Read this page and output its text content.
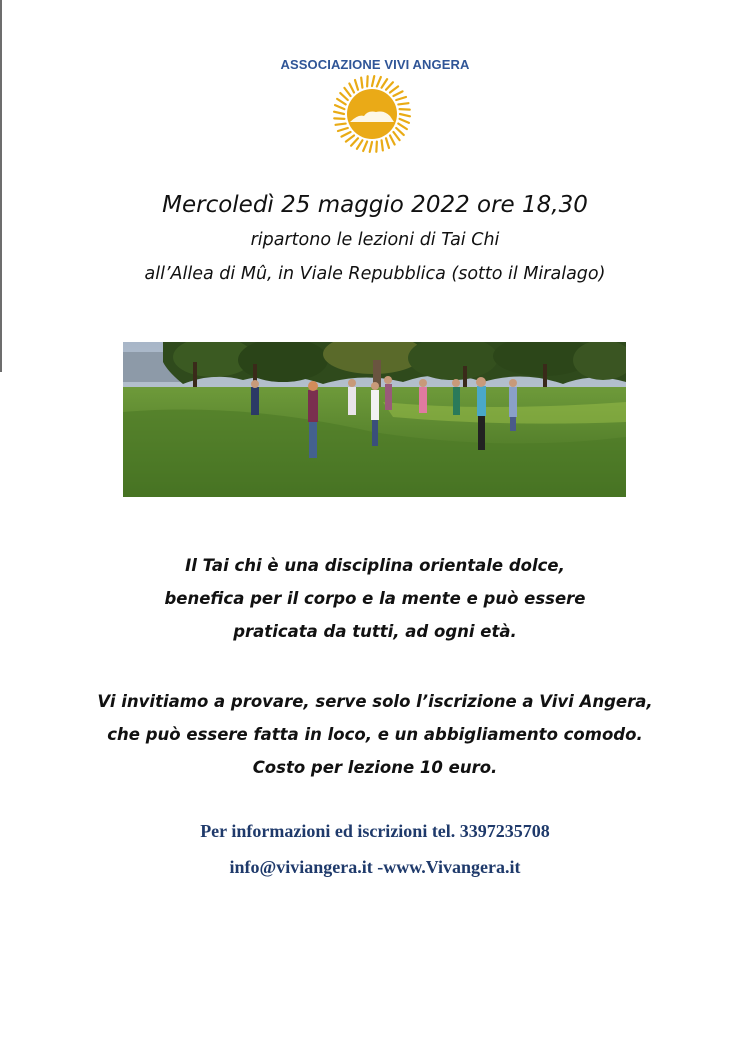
ASSOCIAZIONE VIVI ANGERA
Mercoledì 25 maggio 2022 ore 18,30
ripartono le lezioni di Tai Chi
all’Allea di Mû, in Viale Repubblica (sotto il Miralago)
Il Tai chi è una disciplina orientale dolce,
benefica per il corpo e la mente e può essere
praticata da tutti, ad ogni età.
Vi invitiamo a provare, serve solo l’iscrizione a Vivi Angera,
che può essere fatta in loco, e un abbigliamento comodo.
Costo per lezione 10 euro.
Per informazioni ed iscrizioni tel. 3397235708
info@viviangera.it -www.Vivangera.it
